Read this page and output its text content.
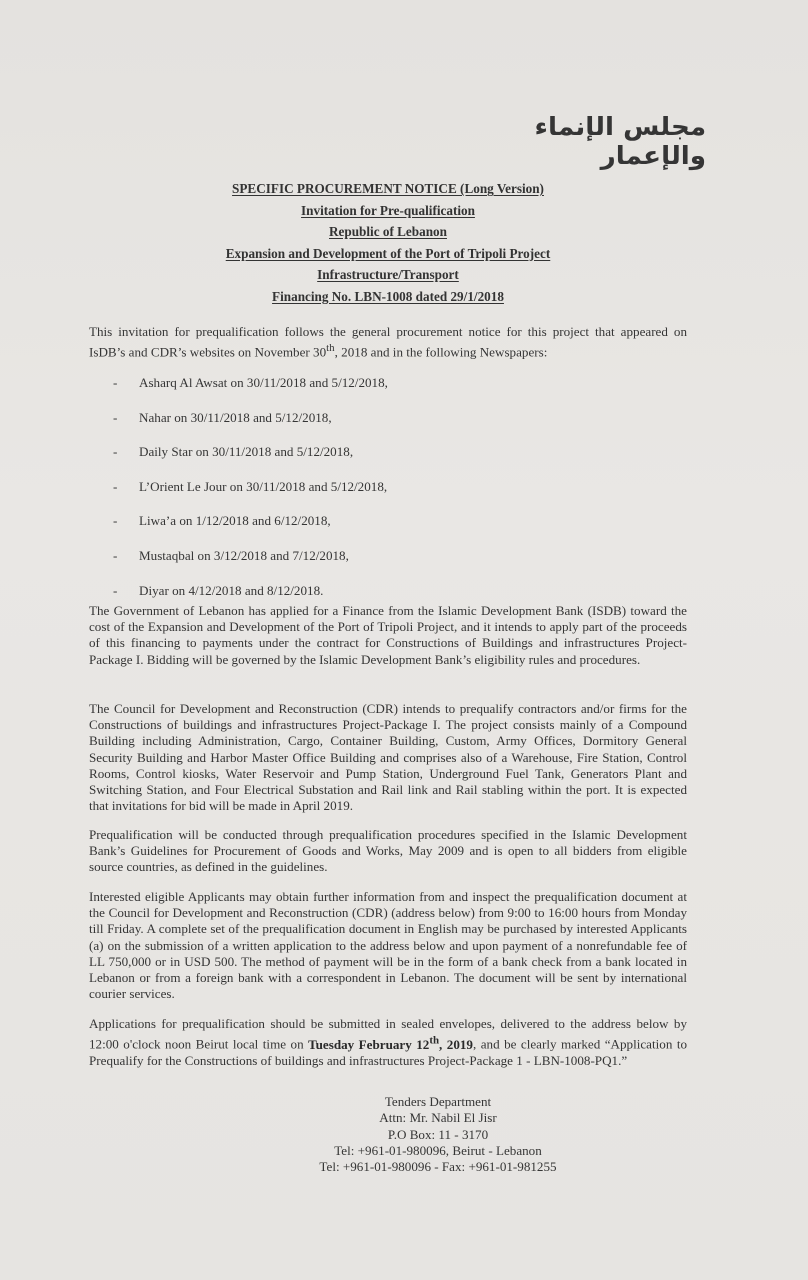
مجلس الإنماء والإعمار
SPECIFIC PROCUREMENT NOTICE (Long Version)
Invitation for Pre-qualification
Republic of Lebanon
Expansion and Development of the Port of Tripoli Project
Infrastructure/Transport
Financing No. LBN-1008 dated 29/1/2018
This invitation for prequalification follows the general procurement notice for this project that appeared on IsDB’s and CDR’s websites on November 30th, 2018 and in the following Newspapers:
- Asharq Al Awsat on 30/11/2018 and 5/12/2018,
- Nahar on 30/11/2018 and 5/12/2018,
- Daily Star on 30/11/2018 and 5/12/2018,
- L’Orient Le Jour on 30/11/2018 and 5/12/2018,
- Liwa’a on 1/12/2018 and 6/12/2018,
- Mustaqbal on 3/12/2018 and 7/12/2018,
- Diyar on 4/12/2018 and 8/12/2018.
The Government of Lebanon has applied for a Finance from the Islamic Development Bank (ISDB) toward the cost of the Expansion and Development of the Port of Tripoli Project, and it intends to apply part of the proceeds of this financing to payments under the contract for Constructions of Buildings and infrastructures Project-Package I. Bidding will be governed by the Islamic Development Bank’s eligibility rules and procedures.
The Council for Development and Reconstruction (CDR) intends to prequalify contractors and/or firms for the Constructions of buildings and infrastructures Project-Package I. The project consists mainly of a Compound Building including Administration, Cargo, Container Building, Custom, Army Offices, Dormitory General Security Building and Harbor Master Office Building and comprises also of a Warehouse, Fire Station, Control Rooms, Control kiosks, Water Reservoir and Pump Station, Underground Fuel Tank, Generators Plant and Switching Station, and Four Electrical Substation and Rail link and Rail stabling within the port. It is expected that invitations for bid will be made in April 2019.
Prequalification will be conducted through prequalification procedures specified in the Islamic Development Bank’s Guidelines for Procurement of Goods and Works, May 2009 and is open to all bidders from eligible source countries, as defined in the guidelines.
Interested eligible Applicants may obtain further information from and inspect the prequalification document at the Council for Development and Reconstruction (CDR) (address below) from 9:00 to 16:00 hours from Monday till Friday. A complete set of the prequalification document in English may be purchased by interested Applicants (a) on the submission of a written application to the address below and upon payment of a nonrefundable fee of LL 750,000 or in USD 500. The method of payment will be in the form of a bank check from a bank located in Lebanon or from a foreign bank with a correspondent in Lebanon. The document will be sent by international courier services.
Applications for prequalification should be submitted in sealed envelopes, delivered to the address below by 12:00 o'clock noon Beirut local time on Tuesday February 12th, 2019, and be clearly marked “Application to Prequalify for the Constructions of buildings and infrastructures Project-Package 1 - LBN-1008-PQ1.”
Tenders Department
Attn: Mr. Nabil El Jisr
P.O Box: 11 - 3170
Tel: +961-01-980096, Beirut - Lebanon
Tel: +961-01-980096 - Fax: +961-01-981255
